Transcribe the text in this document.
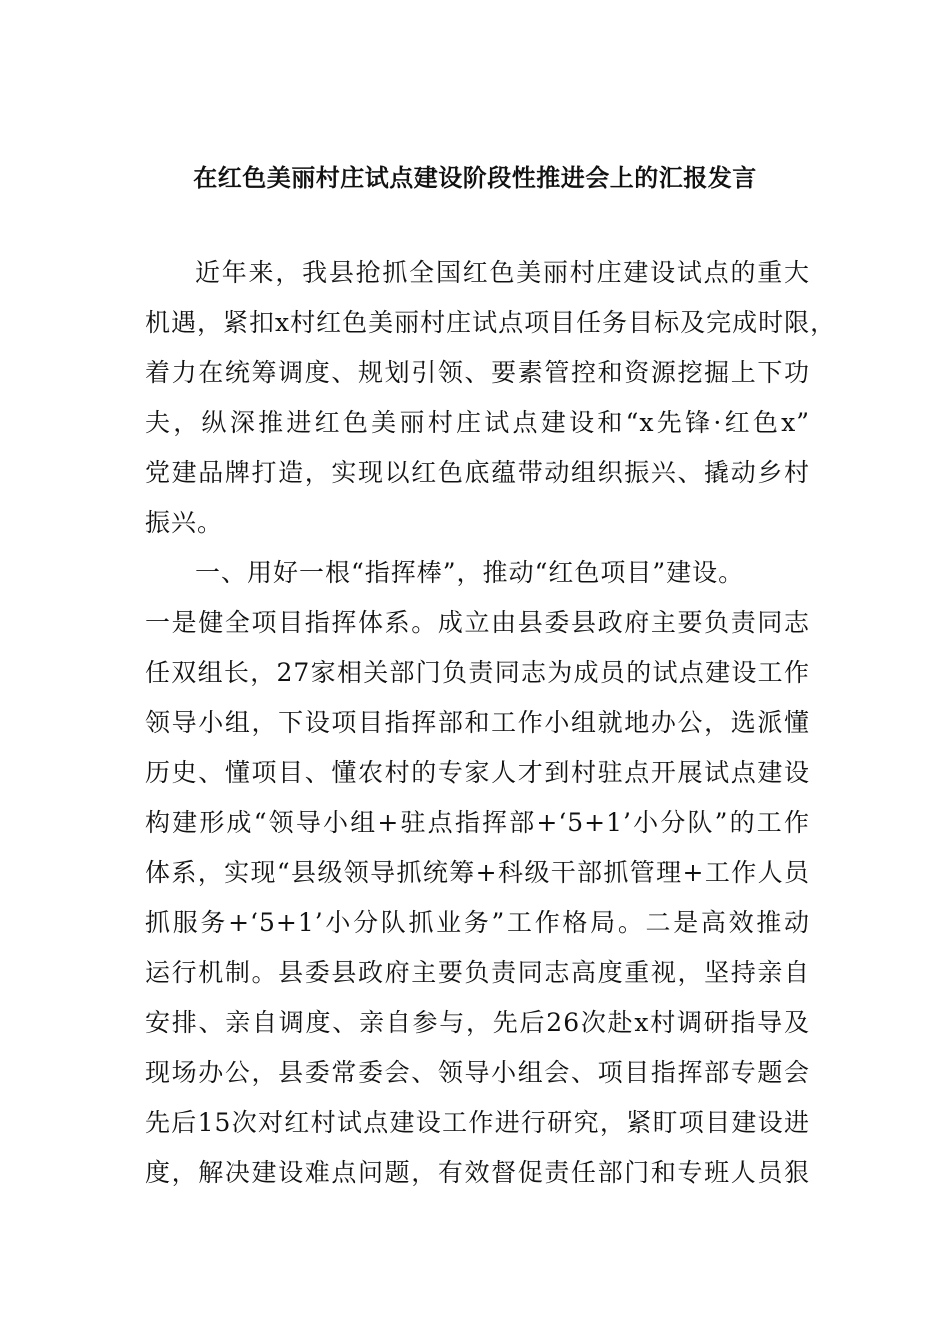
在红色美丽村庄试点建设阶段性推进会上的汇报发言
近年来，我县抢抓全国红色美丽村庄建设试点的重大
机遇，紧扣x村红色美丽村庄试点项目任务目标及完成时限，
着力在统筹调度、规划引领、要素管控和资源挖掘上下功
夫，纵深推进红色美丽村庄试点建设和“x先锋·红色x”
党建品牌打造，实现以红色底蕴带动组织振兴、撬动乡村
振兴。
一、用好一根“指挥棒”，推动“红色项目”建设。
一是健全项目指挥体系。成立由县委县政府主要负责同志
任双组长，27家相关部门负责同志为成员的试点建设工作
领导小组，下设项目指挥部和工作小组就地办公，选派懂
历史、懂项目、懂农村的专家人才到村驻点开展试点建设
构建形成“领导小组+驻点指挥部+‘5+1’小分队”的工作
体系，实现“县级领导抓统筹+科级干部抓管理+工作人员
抓服务+‘5+1’小分队抓业务”工作格局。二是高效推动
运行机制。县委县政府主要负责同志高度重视，坚持亲自
安排、亲自调度、亲自参与，先后26次赴x村调研指导及
现场办公，县委常委会、领导小组会、项目指挥部专题会
先后15次对红村试点建设工作进行研究，紧盯项目建设进
度，解决建设难点问题，有效督促责任部门和专班人员狠
